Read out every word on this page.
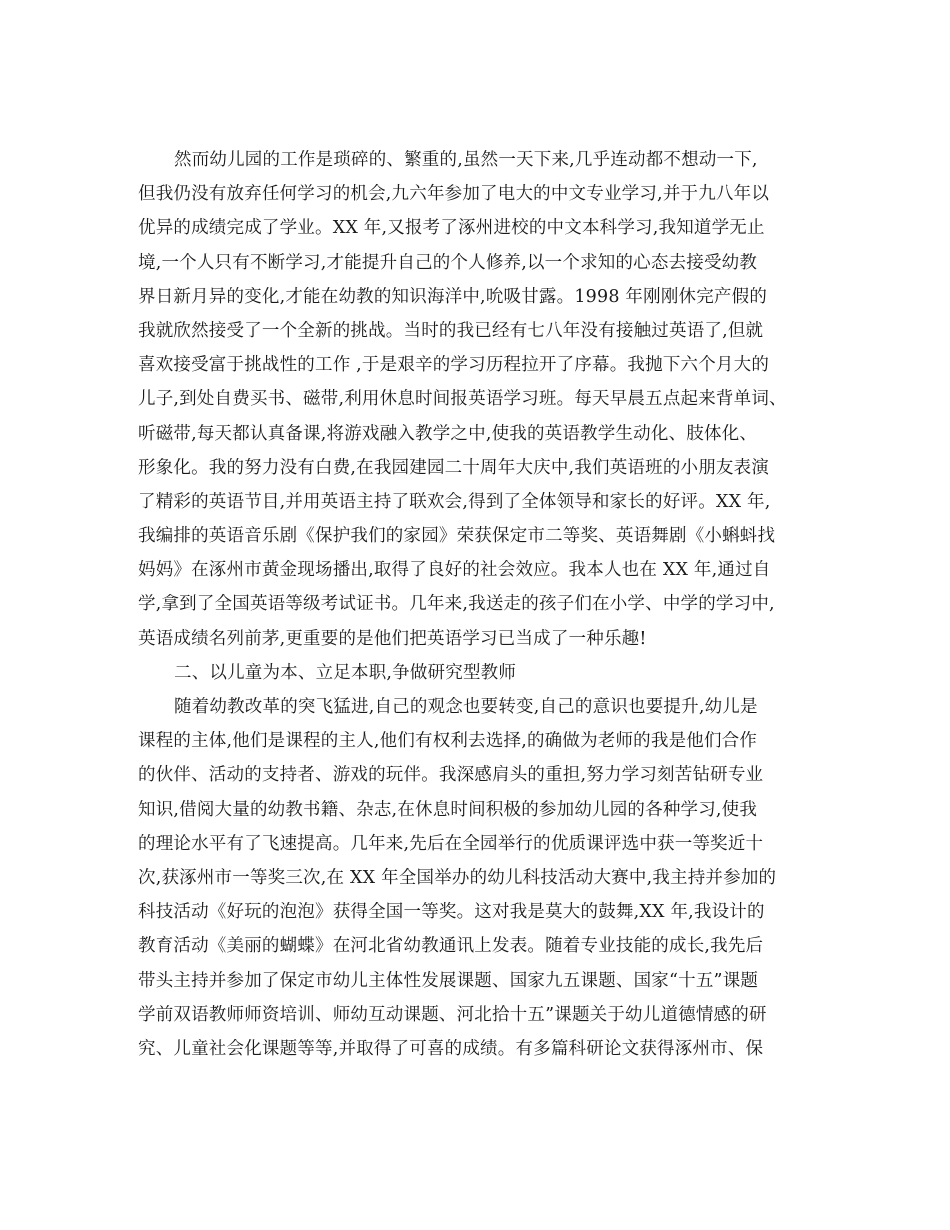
然而幼儿园的工作是琐碎的、繁重的,虽然一天下来,几乎连动都不想动一下,
但我仍没有放弃任何学习的机会,九六年参加了电大的中文专业学习,并于九八年以
优异的成绩完成了学业。XX 年,又报考了涿州进校的中文本科学习,我知道学无止
境,一个人只有不断学习,才能提升自己的个人修养,以一个求知的心态去接受幼教
界日新月异的变化,才能在幼教的知识海洋中,吮吸甘露。1998 年刚刚休完产假的
我就欣然接受了一个全新的挑战。当时的我已经有七八年没有接触过英语了,但就
喜欢接受富于挑战性的工作 ,于是艰辛的学习历程拉开了序幕。我抛下六个月大的
儿子,到处自费买书、磁带,利用休息时间报英语学习班。每天早晨五点起来背单词、
听磁带,每天都认真备课,将游戏融入教学之中,使我的英语教学生动化、肢体化、
形象化。我的努力没有白费,在我园建园二十周年大庆中,我们英语班的小朋友表演
了精彩的英语节目,并用英语主持了联欢会,得到了全体领导和家长的好评。XX 年,
我编排的英语音乐剧《保护我们的家园》荣获保定市二等奖、英语舞剧《小蝌蚪找
妈妈》在涿州市黄金现场播出,取得了良好的社会效应。我本人也在 XX 年,通过自
学,拿到了全国英语等级考试证书。几年来,我送走的孩子们在小学、中学的学习中,
英语成绩名列前茅,更重要的是他们把英语学习已当成了一种乐趣!
二、以儿童为本、立足本职,争做研究型教师
随着幼教改革的突飞猛进,自己的观念也要转变,自己的意识也要提升,幼儿是
课程的主体,他们是课程的主人,他们有权利去选择,的确做为老师的我是他们合作
的伙伴、活动的支持者、游戏的玩伴。我深感肩头的重担,努力学习刻苦钻研专业
知识,借阅大量的幼教书籍、杂志,在休息时间积极的参加幼儿园的各种学习,使我
的理论水平有了飞速提高。几年来,先后在全园举行的优质课评选中获一等奖近十
次,获涿州市一等奖三次,在 XX 年全国举办的幼儿科技活动大赛中,我主持并参加的
科技活动《好玩的泡泡》获得全国一等奖。这对我是莫大的鼓舞,XX 年,我设计的
教育活动《美丽的蝴蝶》在河北省幼教通讯上发表。随着专业技能的成长,我先后
带头主持并参加了保定市幼儿主体性发展课题、国家九五课题、国家“十五”课题
学前双语教师师资培训、师幼互动课题、河北拾十五”课题关于幼儿道德情感的研
究、儿童社会化课题等等,并取得了可喜的成绩。有多篇科研论文获得涿州市、保
